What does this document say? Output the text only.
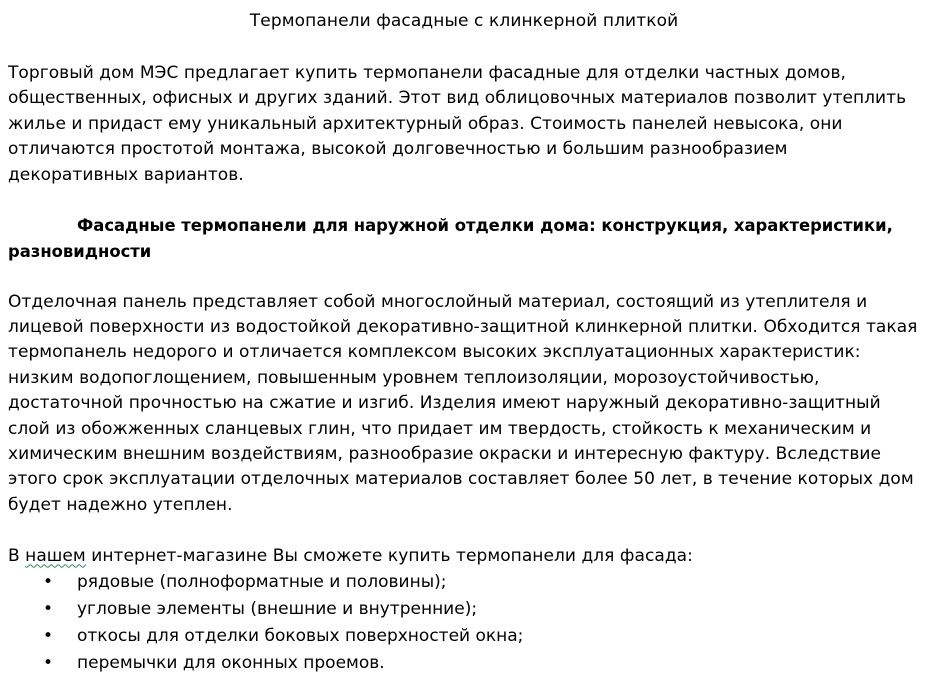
Термопанели фасадные с клинкерной плиткой

Торговый дом МЭС предлагает купить термопанели фасадные для отделки частных домов, общественных, офисных и других зданий. Этот вид облицовочных материалов позволит утеплить жилье и придаст ему уникальный архитектурный образ. Стоимость панелей невысока, они отличаются простотой монтажа, высокой долговечностью и большим разнообразием декоративных вариантов.

Фасадные термопанели для наружной отделки дома: конструкция, характеристики, разновидности

Отделочная панель представляет собой многослойный материал, состоящий из утеплителя и лицевой поверхности из водостойкой декоративно-защитной клинкерной плитки. Обходится такая термопанель недорого и отличается комплексом высоких эксплуатационных характеристик: низким водопоглощением, повышенным уровнем теплоизоляции, морозоустойчивостью, достаточной прочностью на сжатие и изгиб. Изделия имеют наружный декоративно-защитный слой из обожженных сланцевых глин, что придает им твердость, стойкость к механическим и химическим внешним воздействиям, разнообразие окраски и интересную фактуру. Вследствие этого срок эксплуатации отделочных материалов составляет более 50 лет, в течение которых дом будет надежно утеплен.

В нашем интернет-магазине Вы сможете купить термопанели для фасада:

• рядовые (полноформатные и половины);
• угловые элементы (внешние и внутренние);
• откосы для отделки боковых поверхностей окна;
• перемычки для оконных проемов.
